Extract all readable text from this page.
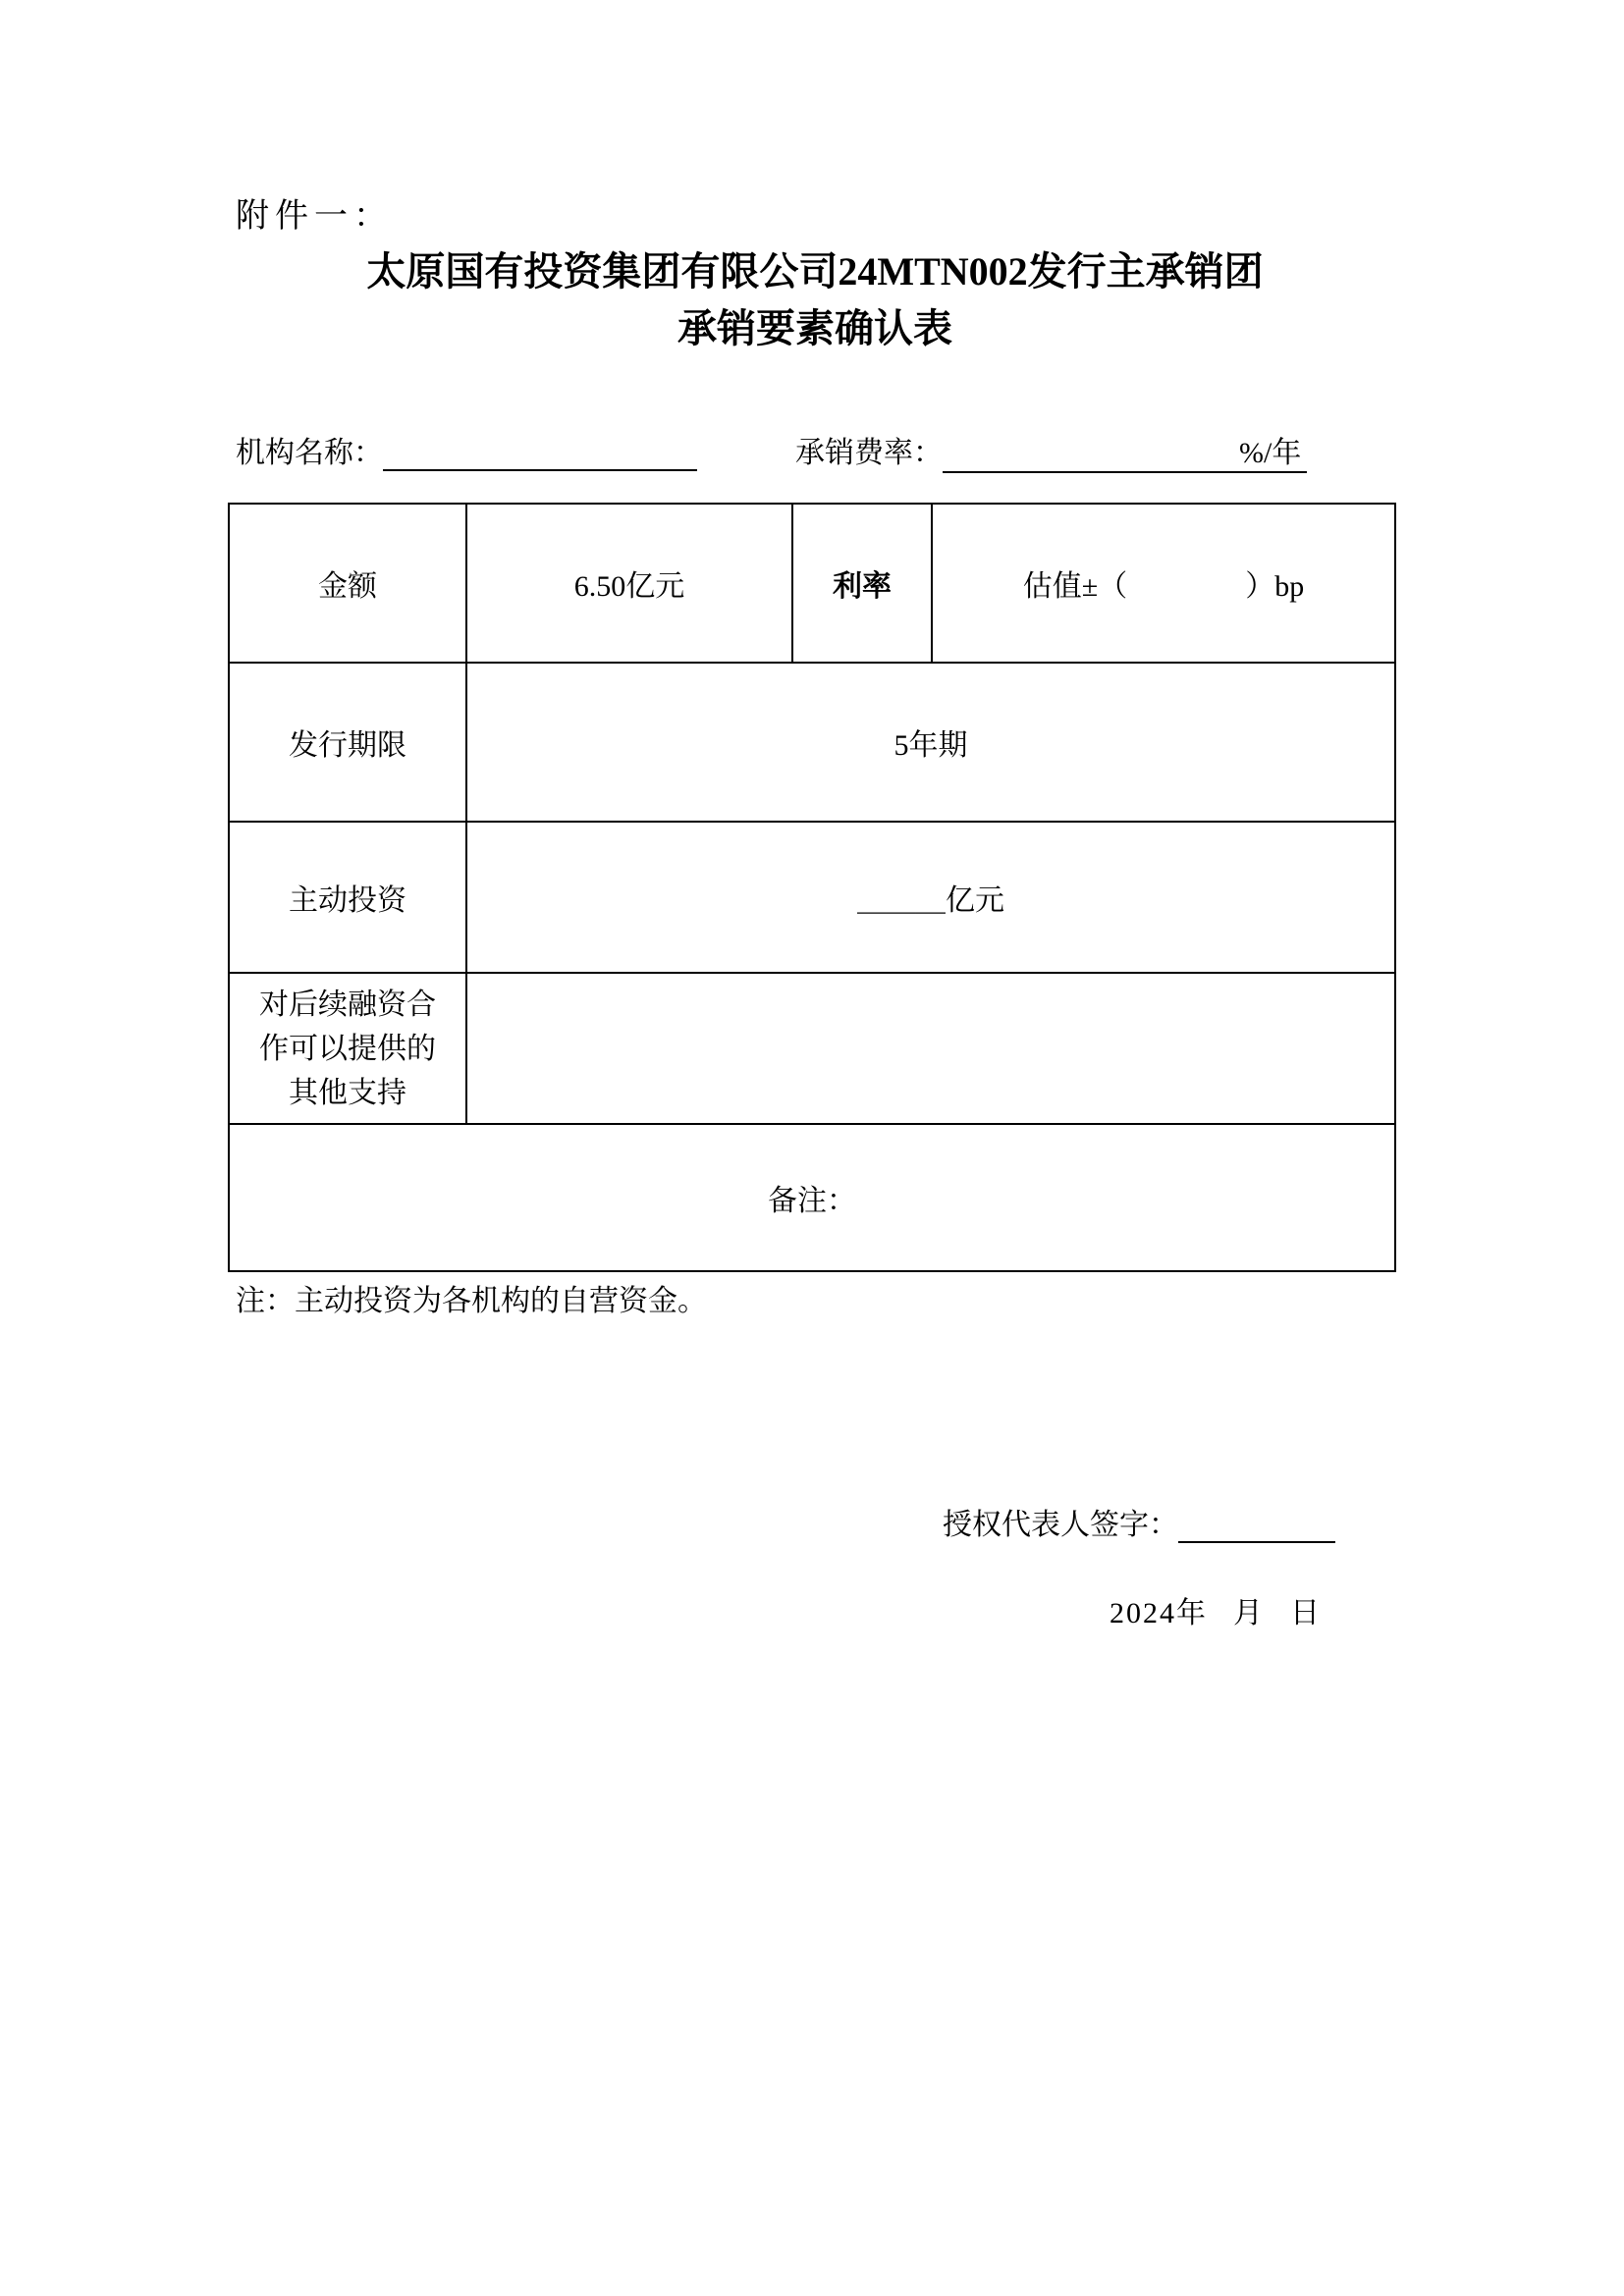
附件一：
太原国有投资集团有限公司24MTN002发行主承销团
承销要素确认表
机构名称：	承销费率：	%/年
金额	6.50亿元	利率	估值±（　　　　）bp
发行期限	5年期		
主动投资	＿＿＿亿元		

对后续融资合
作可以提供的
其他支持			

备注：			
注：主动投资为各机构的自营资金。
授权代表人签字：
2024年 月 日
